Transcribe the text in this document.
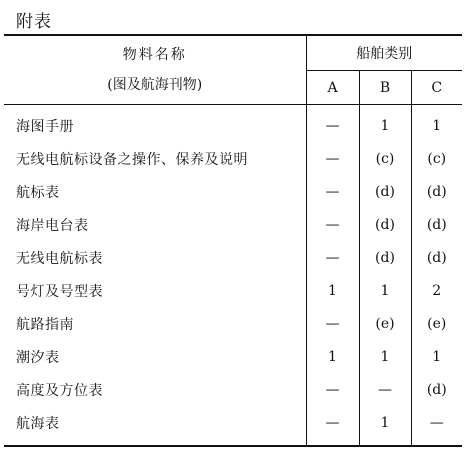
附表
物料名称
(图及航海刊物)	船舶类别		
	A	B	C
海图手册	—	1	1
无线电航标设备之操作、保养及说明	—	(c)	(c)
航标表	—	(d)	(d)
海岸电台表	—	(d)	(d)
无线电航标表	—	(d)	(d)
号灯及号型表	1	1	2
航路指南	—	(e)	(e)
潮汐表	1	1	1
高度及方位表	—	—	(d)
航海表	—	1	—
